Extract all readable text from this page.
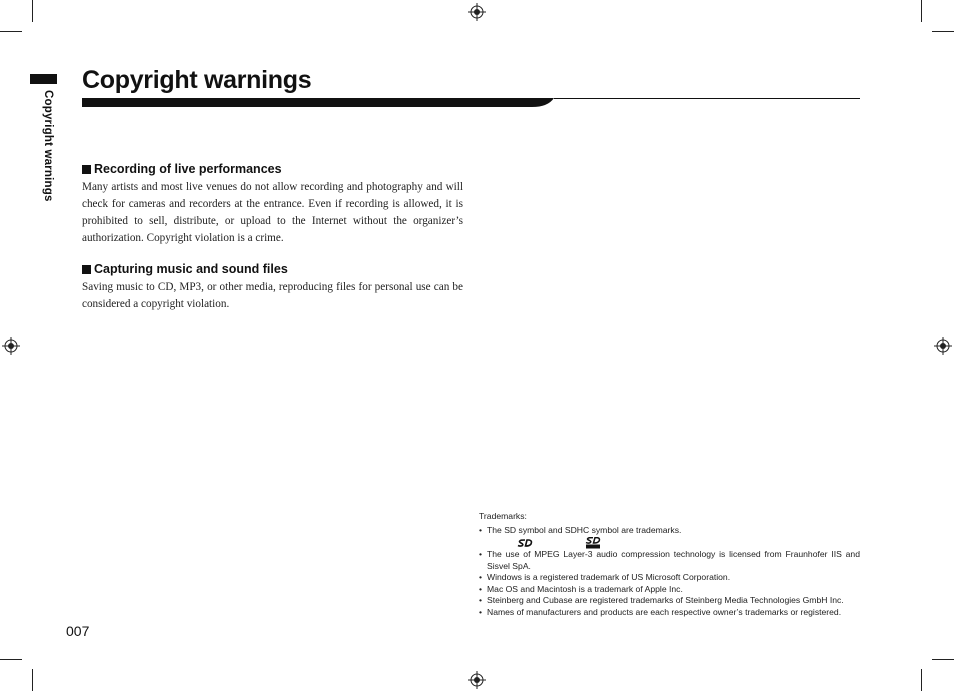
Copyright warnings
Copyright warnings
Recording of live performances

Many artists and most live venues do not allow recording and photography and will check for cameras and recorders at the entrance. Even if recording is allowed, it is prohibited to sell, distribute, or upload to the Internet without the organizer’s authorization. Copyright violation is a crime.

Capturing music and sound files

Saving music to CD, MP3, or other media, reproducing files for personal use can be considered a copyright violation.

Trademarks:
• The SD symbol and SDHC symbol are trademarks.
• The use of MPEG Layer-3 audio compression technology is licensed from Fraunhofer IIS and Sisvel SpA.
• Windows is a registered trademark of US Microsoft Corporation.
• Mac OS and Macintosh is a trademark of Apple Inc.
• Steinberg and Cubase are registered trademarks of Steinberg Media Technologies GmbH Inc.
• Names of manufacturers and products are each respective owner’s trademarks or registered.
007
